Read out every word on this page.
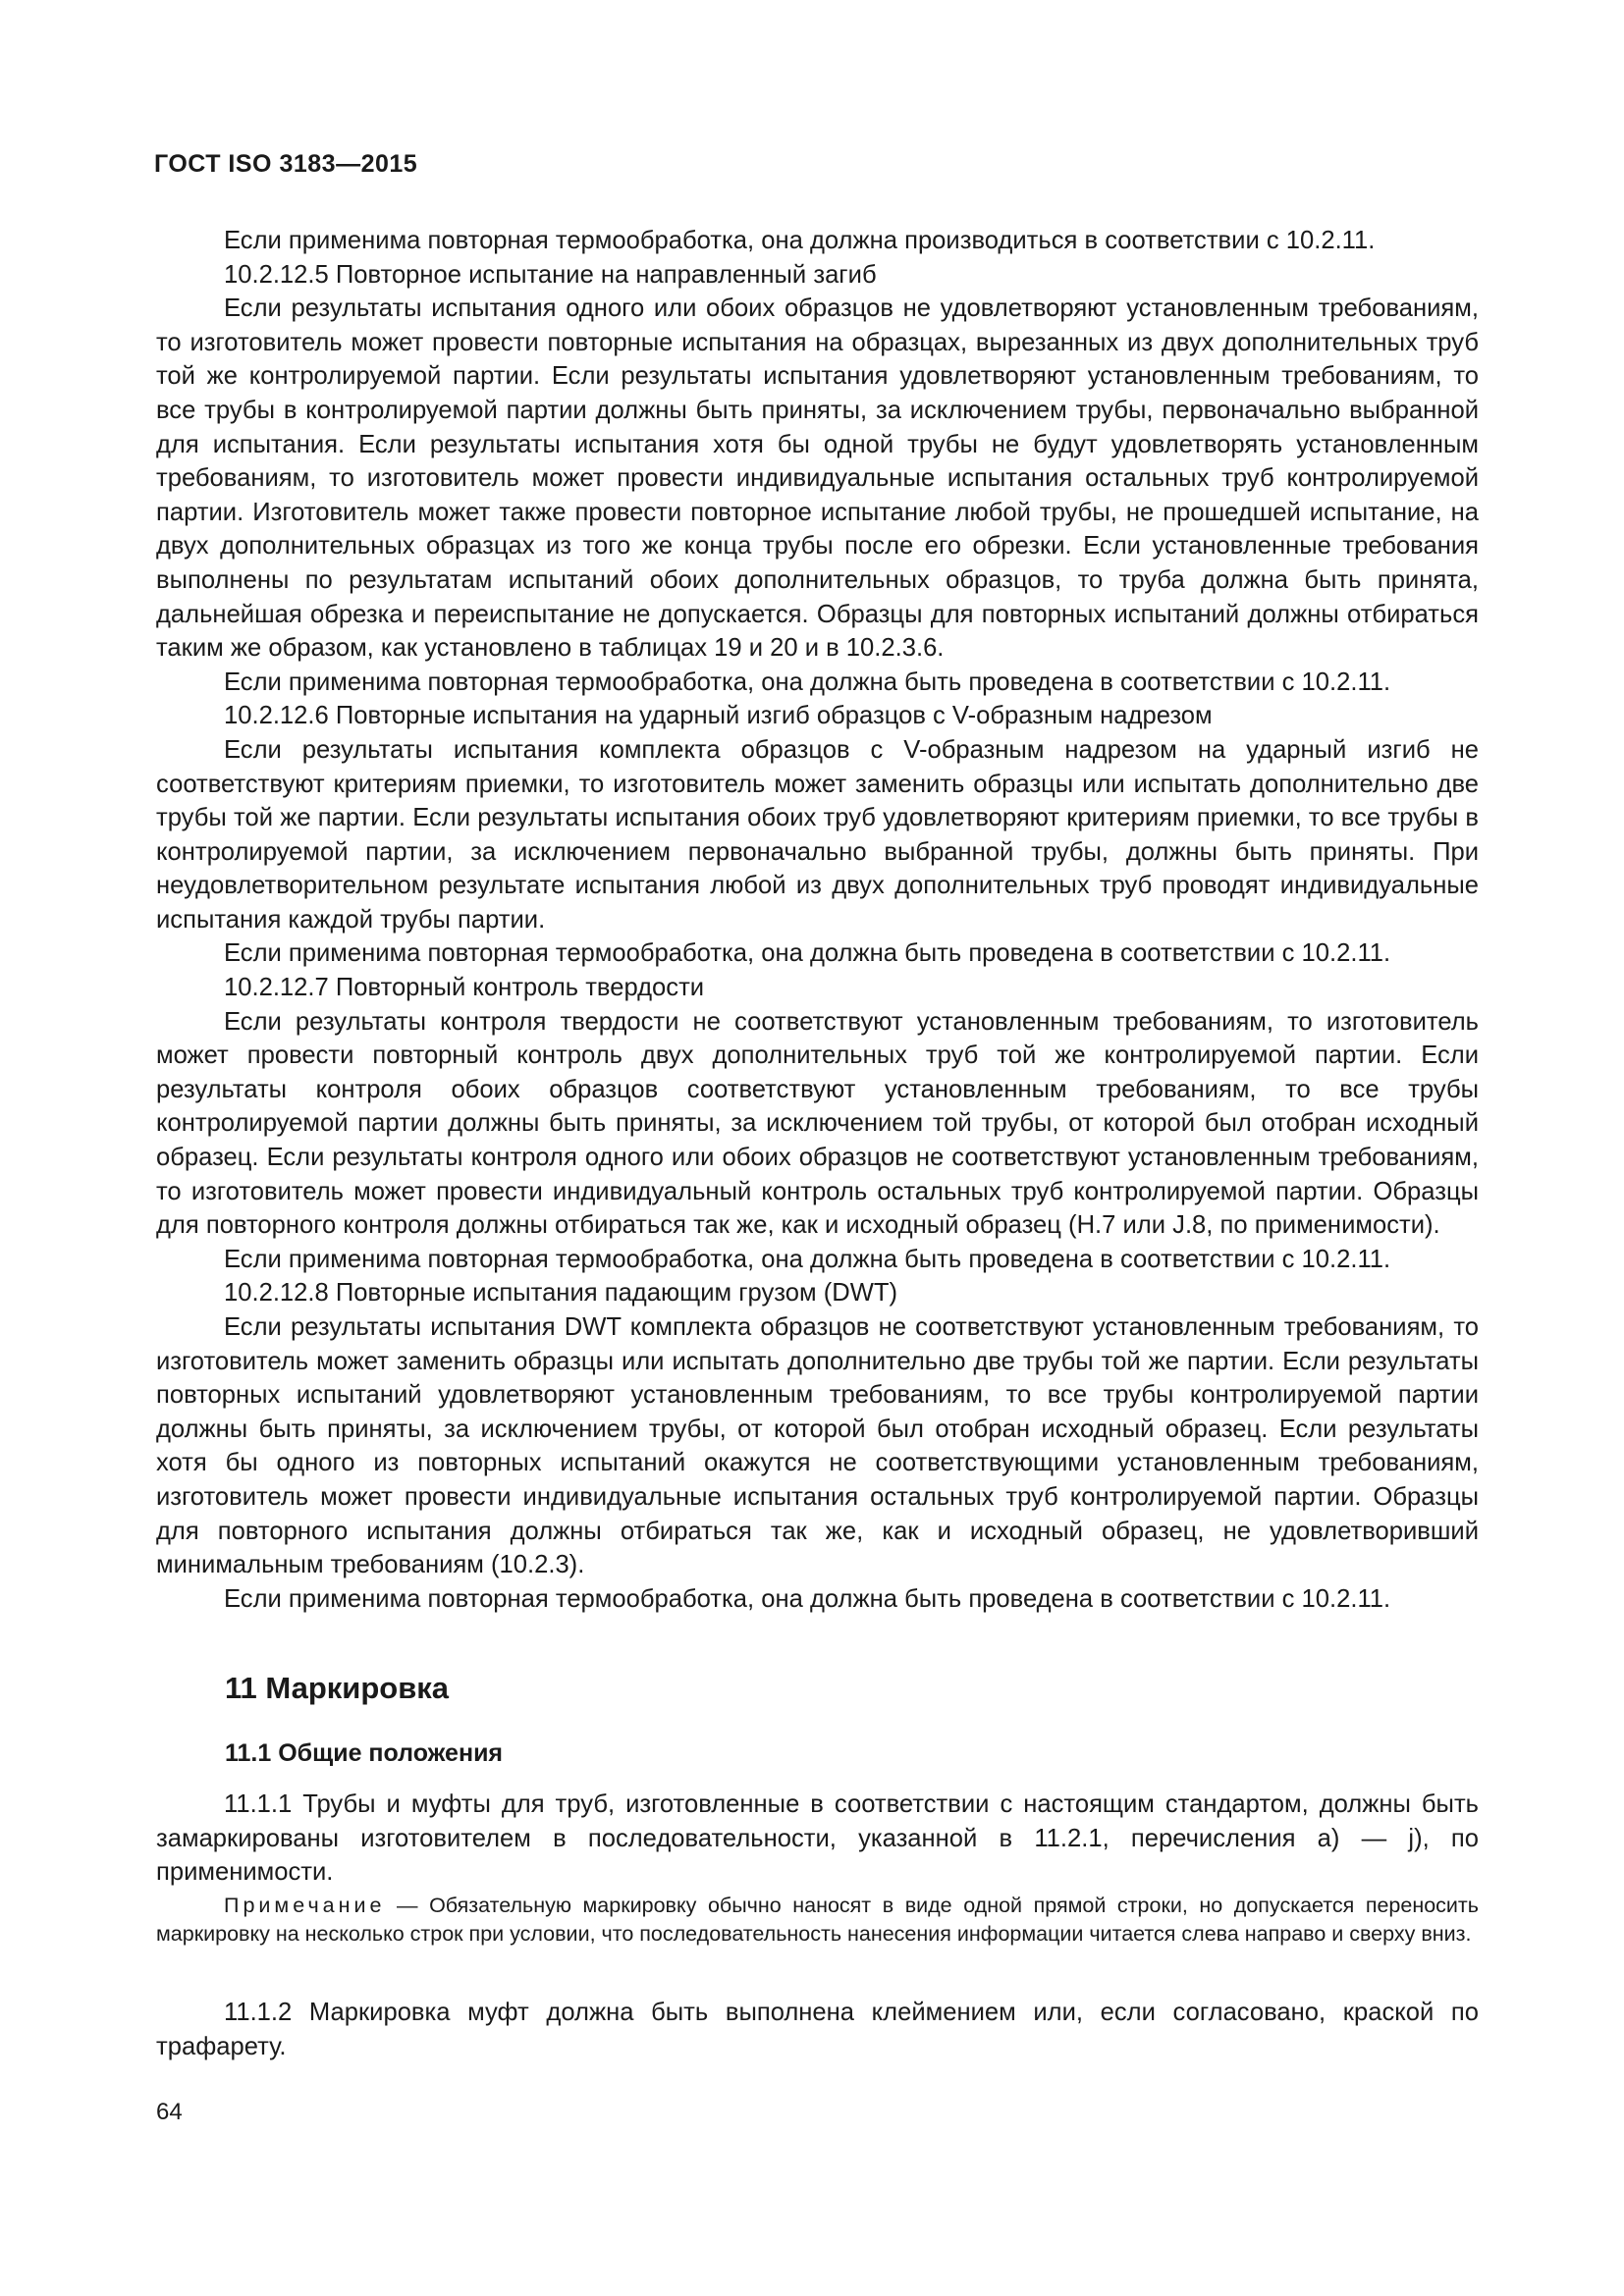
ГОСТ ISO 3183—2015

Если применима повторная термообработка, она должна производиться в соответствии с 10.2.11.

10.2.12.5 Повторное испытание на направленный загиб

Если результаты испытания одного или обоих образцов не удовлетворяют установленным требованиям, то изготовитель может провести повторные испытания на образцах, вырезанных из двух дополнительных труб той же контролируемой партии. Если результаты испытания удовлетворяют установленным требованиям, то все трубы в контролируемой партии должны быть приняты, за исключением трубы, первоначально выбранной для испытания. Если результаты испытания хотя бы одной трубы не будут удовлетворять установленным требованиям, то изготовитель может провести индивидуальные испытания остальных труб контролируемой партии. Изготовитель может также провести повторное испытание любой трубы, не прошедшей испытание, на двух дополнительных образцах из того же конца трубы после его обрезки. Если установленные требования выполнены по результатам испытаний обоих дополнительных образцов, то труба должна быть принята, дальнейшая обрезка и переиспытание не допускается. Образцы для повторных испытаний должны отбираться таким же образом, как установлено в таблицах 19 и 20 и в 10.2.3.6.

Если применима повторная термообработка, она должна быть проведена в соответствии с 10.2.11.

10.2.12.6 Повторные испытания на ударный изгиб образцов с V-образным надрезом

Если результаты испытания комплекта образцов с V-образным надрезом на ударный изгиб не соответствуют критериям приемки, то изготовитель может заменить образцы или испытать дополнительно две трубы той же партии. Если результаты испытания обоих труб удовлетворяют критериям приемки, то все трубы в контролируемой партии, за исключением первоначально выбранной трубы, должны быть приняты. При неудовлетворительном результате испытания любой из двух дополнительных труб проводят индивидуальные испытания каждой трубы партии.

Если применима повторная термообработка, она должна быть проведена в соответствии с 10.2.11.

10.2.12.7 Повторный контроль твердости

Если результаты контроля твердости не соответствуют установленным требованиям, то изготовитель может провести повторный контроль двух дополнительных труб той же контролируемой партии. Если результаты контроля обоих образцов соответствуют установленным требованиям, то все трубы контролируемой партии должны быть приняты, за исключением той трубы, от которой был отобран исходный образец. Если результаты контроля одного или обоих образцов не соответствуют установленным требованиям, то изготовитель может провести индивидуальный контроль остальных труб контролируемой партии. Образцы для повторного контроля должны отбираться так же, как и исходный образец (H.7 или J.8, по применимости).

Если применима повторная термообработка, она должна быть проведена в соответствии с 10.2.11.

10.2.12.8 Повторные испытания падающим грузом (DWT)

Если результаты испытания DWT комплекта образцов не соответствуют установленным требованиям, то изготовитель может заменить образцы или испытать дополнительно две трубы той же партии. Если результаты повторных испытаний удовлетворяют установленным требованиям, то все трубы контролируемой партии должны быть приняты, за исключением трубы, от которой был отобран исходный образец. Если результаты хотя бы одного из повторных испытаний окажутся не соответствующими установленным требованиям, изготовитель может провести индивидуальные испытания остальных труб контролируемой партии. Образцы для повторного испытания должны отбираться так же, как и исходный образец, не удовлетворивший минимальным требованиям (10.2.3).

Если применима повторная термообработка, она должна быть проведена в соответствии с 10.2.11.

11 Маркировка
11.1 Общие положения

11.1.1 Трубы и муфты для труб, изготовленные в соответствии с настоящим стандартом, должны быть замаркированы изготовителем в последовательности, указанной в 11.2.1, перечисления a) — j), по применимости.

Примечание — Обязательную маркировку обычно наносят в виде одной прямой строки, но допускается переносить маркировку на несколько строк при условии, что последовательность нанесения информации читается слева направо и сверху вниз.

11.1.2 Маркировка муфт должна быть выполнена клеймением или, если согласовано, краской по трафарету.

64
